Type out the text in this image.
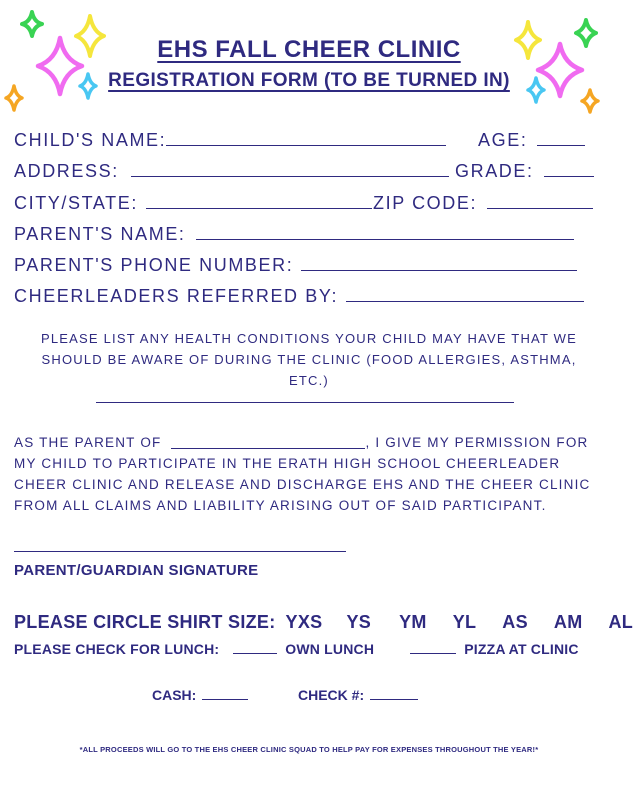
EHS FALL CHEER CLINIC
REGISTRATION FORM (TO BE TURNED IN)
CHILD'S NAME:	AGE:
ADDRESS:	GRADE:
CITY/STATE:	ZIP CODE:
PARENT'S NAME:
PARENT'S PHONE NUMBER:
CHEERLEADERS REFERRED BY:
PLEASE LIST ANY HEALTH CONDITIONS YOUR CHILD MAY HAVE THAT WE
SHOULD BE AWARE OF DURING THE CLINIC (FOOD ALLERGIES, ASTHMA,
ETC.)
AS THE PARENT OF	, I GIVE MY PERMISSION FOR
MY CHILD TO PARTICIPATE IN THE ERATH HIGH SCHOOL CHEERLEADER
CHEER CLINIC AND RELEASE AND DISCHARGE EHS AND THE CHEER CLINIC
FROM ALL CLAIMS AND LIABILITY ARISING OUT OF SAID PARTICIPANT.
PARENT/GUARDIAN SIGNATURE
PLEASE CIRCLE SHIRT SIZE: YXS YS YM YL AS AM AL
PLEASE CHECK FOR LUNCH:	OWN LUNCH	PIZZA AT CLINIC
CASH:	CHECK #:
*ALL PROCEEDS WILL GO TO THE EHS CHEER CLINIC SQUAD TO HELP PAY FOR EXPENSES THROUGHOUT THE YEAR!*
